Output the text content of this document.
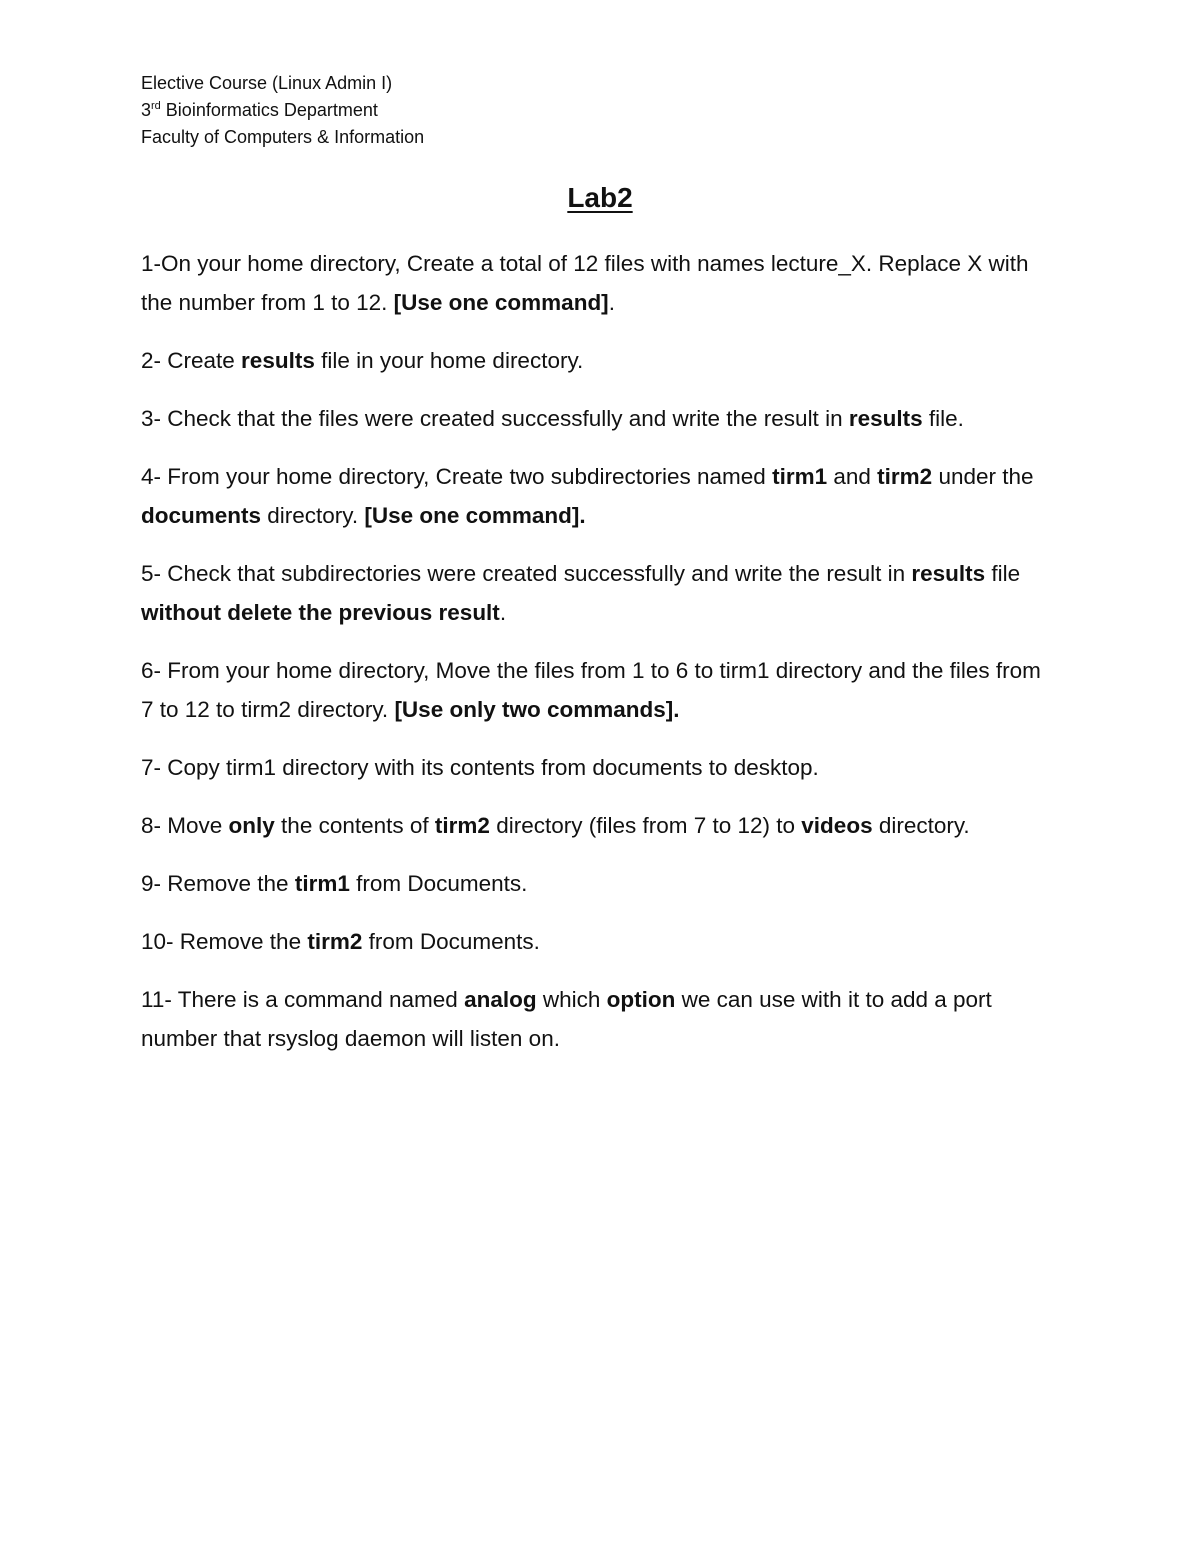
Elective Course (Linux Admin I)
3rd Bioinformatics Department
Faculty of Computers & Information
Lab2

1-On your home directory, Create a total of 12 files with names lecture_X. Replace X with the number from 1 to 12. [Use one command].

2- Create results file in your home directory.

3- Check that the files were created successfully and write the result in results file.

4- From your home directory, Create two subdirectories named tirm1 and tirm2 under the documents directory. [Use one command].

5- Check that subdirectories were created successfully and write the result in results file without delete the previous result.

6- From your home directory, Move the files from 1 to 6 to tirm1 directory and the files from 7 to 12 to tirm2 directory. [Use only two commands].

7- Copy tirm1 directory with its contents from documents to desktop.

8- Move only the contents of tirm2 directory (files from 7 to 12) to videos directory.

9- Remove the tirm1 from Documents.

10- Remove the tirm2 from Documents.

11- There is a command named analog which option we can use with it to add a port number that rsyslog daemon will listen on.
